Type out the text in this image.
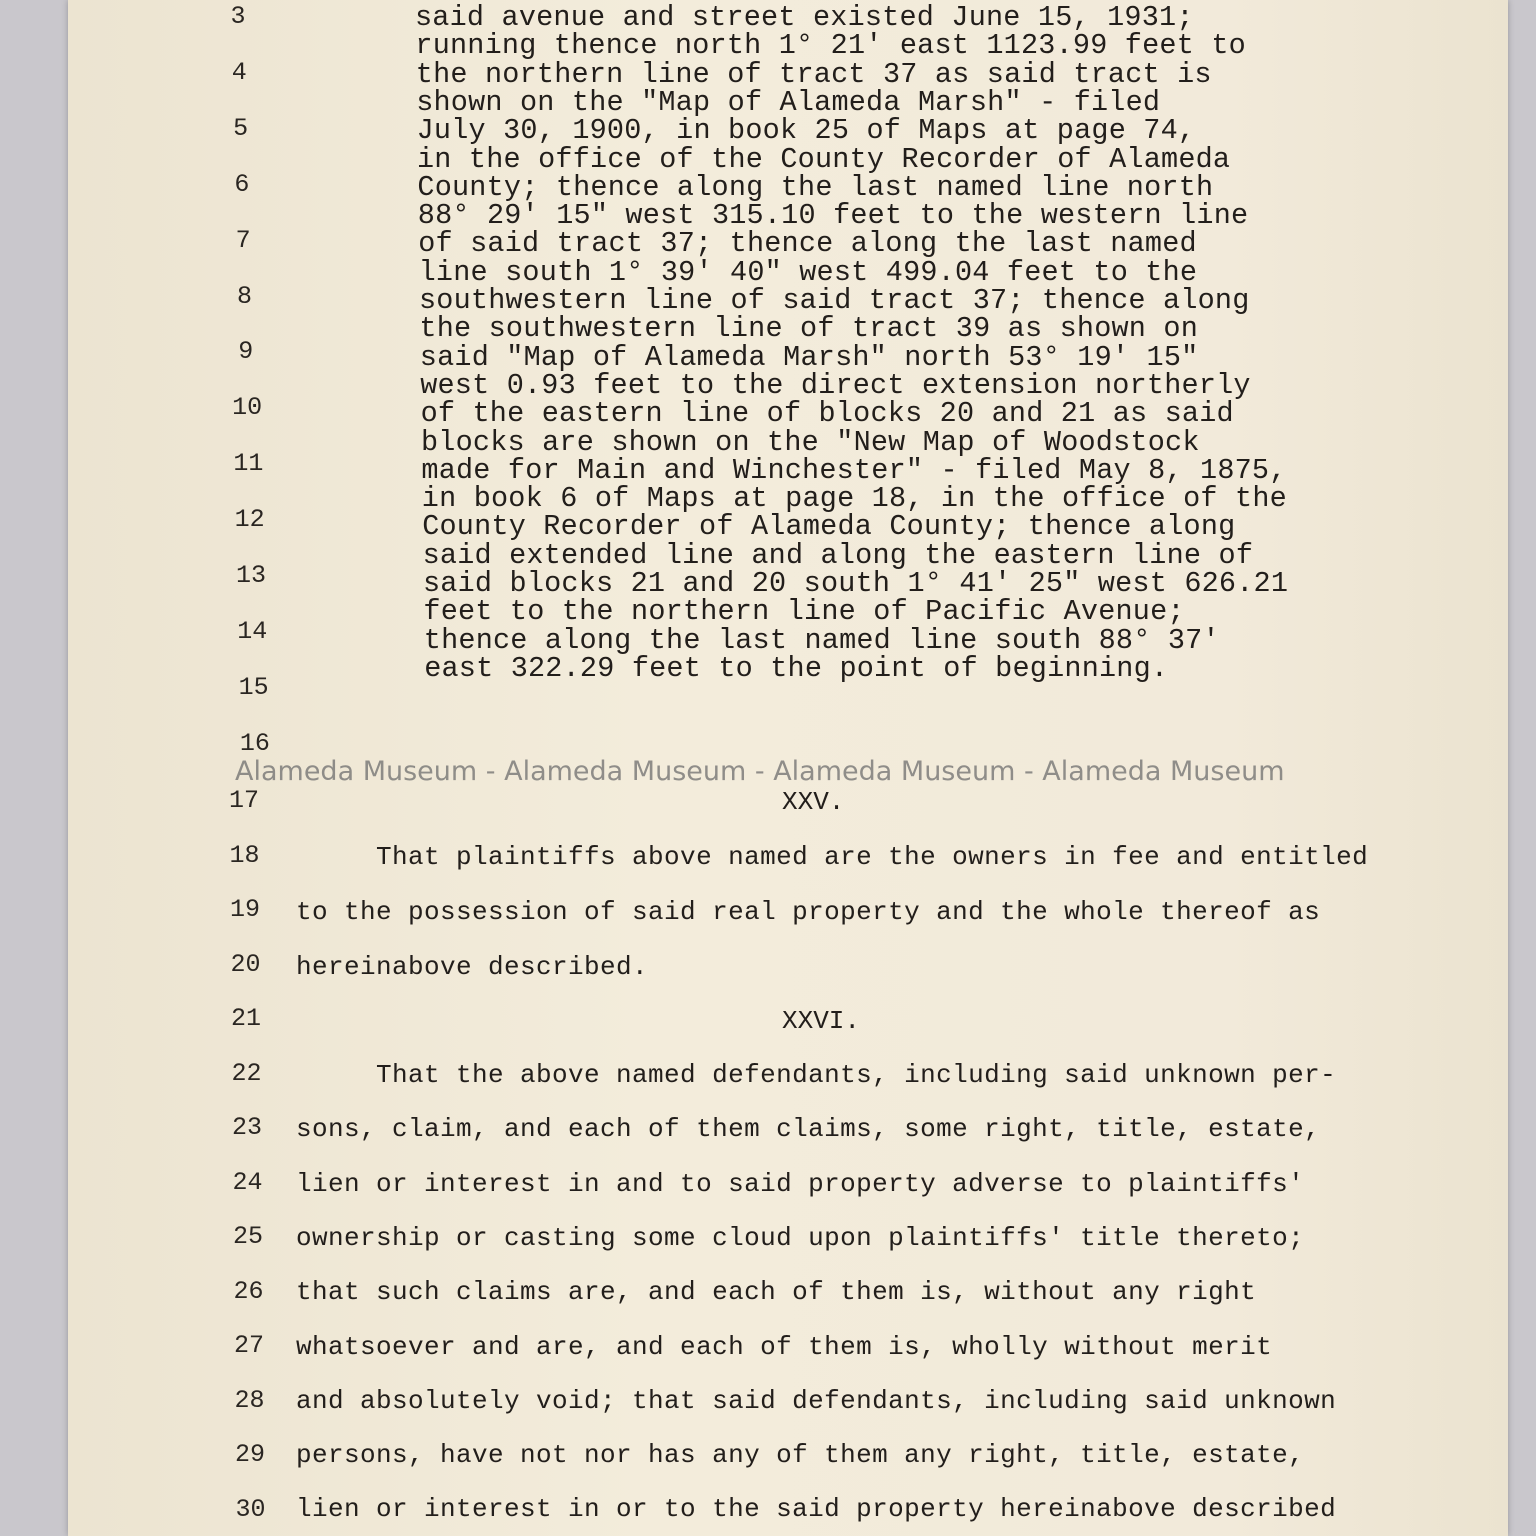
3
4
5
6
7
8
9
10
11
12
13
14
15
16
17
18
19
20
21
22
23
24
25
26
27
28
29
30
said avenue and street existed June 15, 1931;
running thence north 1° 21' east 1123.99 feet to
the northern line of tract 37 as said tract is
shown on the "Map of Alameda Marsh" - filed
July 30, 1900, in book 25 of Maps at page 74,
in the office of the County Recorder of Alameda
County; thence along the last named line north
88° 29' 15" west 315.10 feet to the western line
of said tract 37; thence along the last named
line south 1° 39' 40" west 499.04 feet to the
southwestern line of said tract 37; thence along
the southwestern line of tract 39 as shown on
said "Map of Alameda Marsh" north 53° 19' 15"
west 0.93 feet to the direct extension northerly
of the eastern line of blocks 20 and 21 as said
blocks are shown on the "New Map of Woodstock
made for Main and Winchester" - filed May 8, 1875,
in book 6 of Maps at page 18, in the office of the
County Recorder of Alameda County; thence along
said extended line and along the eastern line of
said blocks 21 and 20 south 1° 41' 25" west 626.21
feet to the northern line of Pacific Avenue;
thence along the last named line south 88° 37'
east 322.29 feet to the point of beginning.
XXV.
That plaintiffs above named are the owners in fee and entitled
to the possession of said real property and the whole thereof as
hereinabove described.
XXVI.
That the above named defendants, including said unknown per-
sons, claim, and each of them claims, some right, title, estate,
lien or interest in and to said property adverse to plaintiffs'
ownership or casting some cloud upon plaintiffs' title thereto;
that such claims are, and each of them is, without any right
whatsoever and are, and each of them is, wholly without merit
and absolutely void; that said defendants, including said unknown
persons, have not nor has any of them any right, title, estate,
lien or interest in or to the said property hereinabove described
Alameda Museum - Alameda Museum - Alameda Museum - Alameda Museum
